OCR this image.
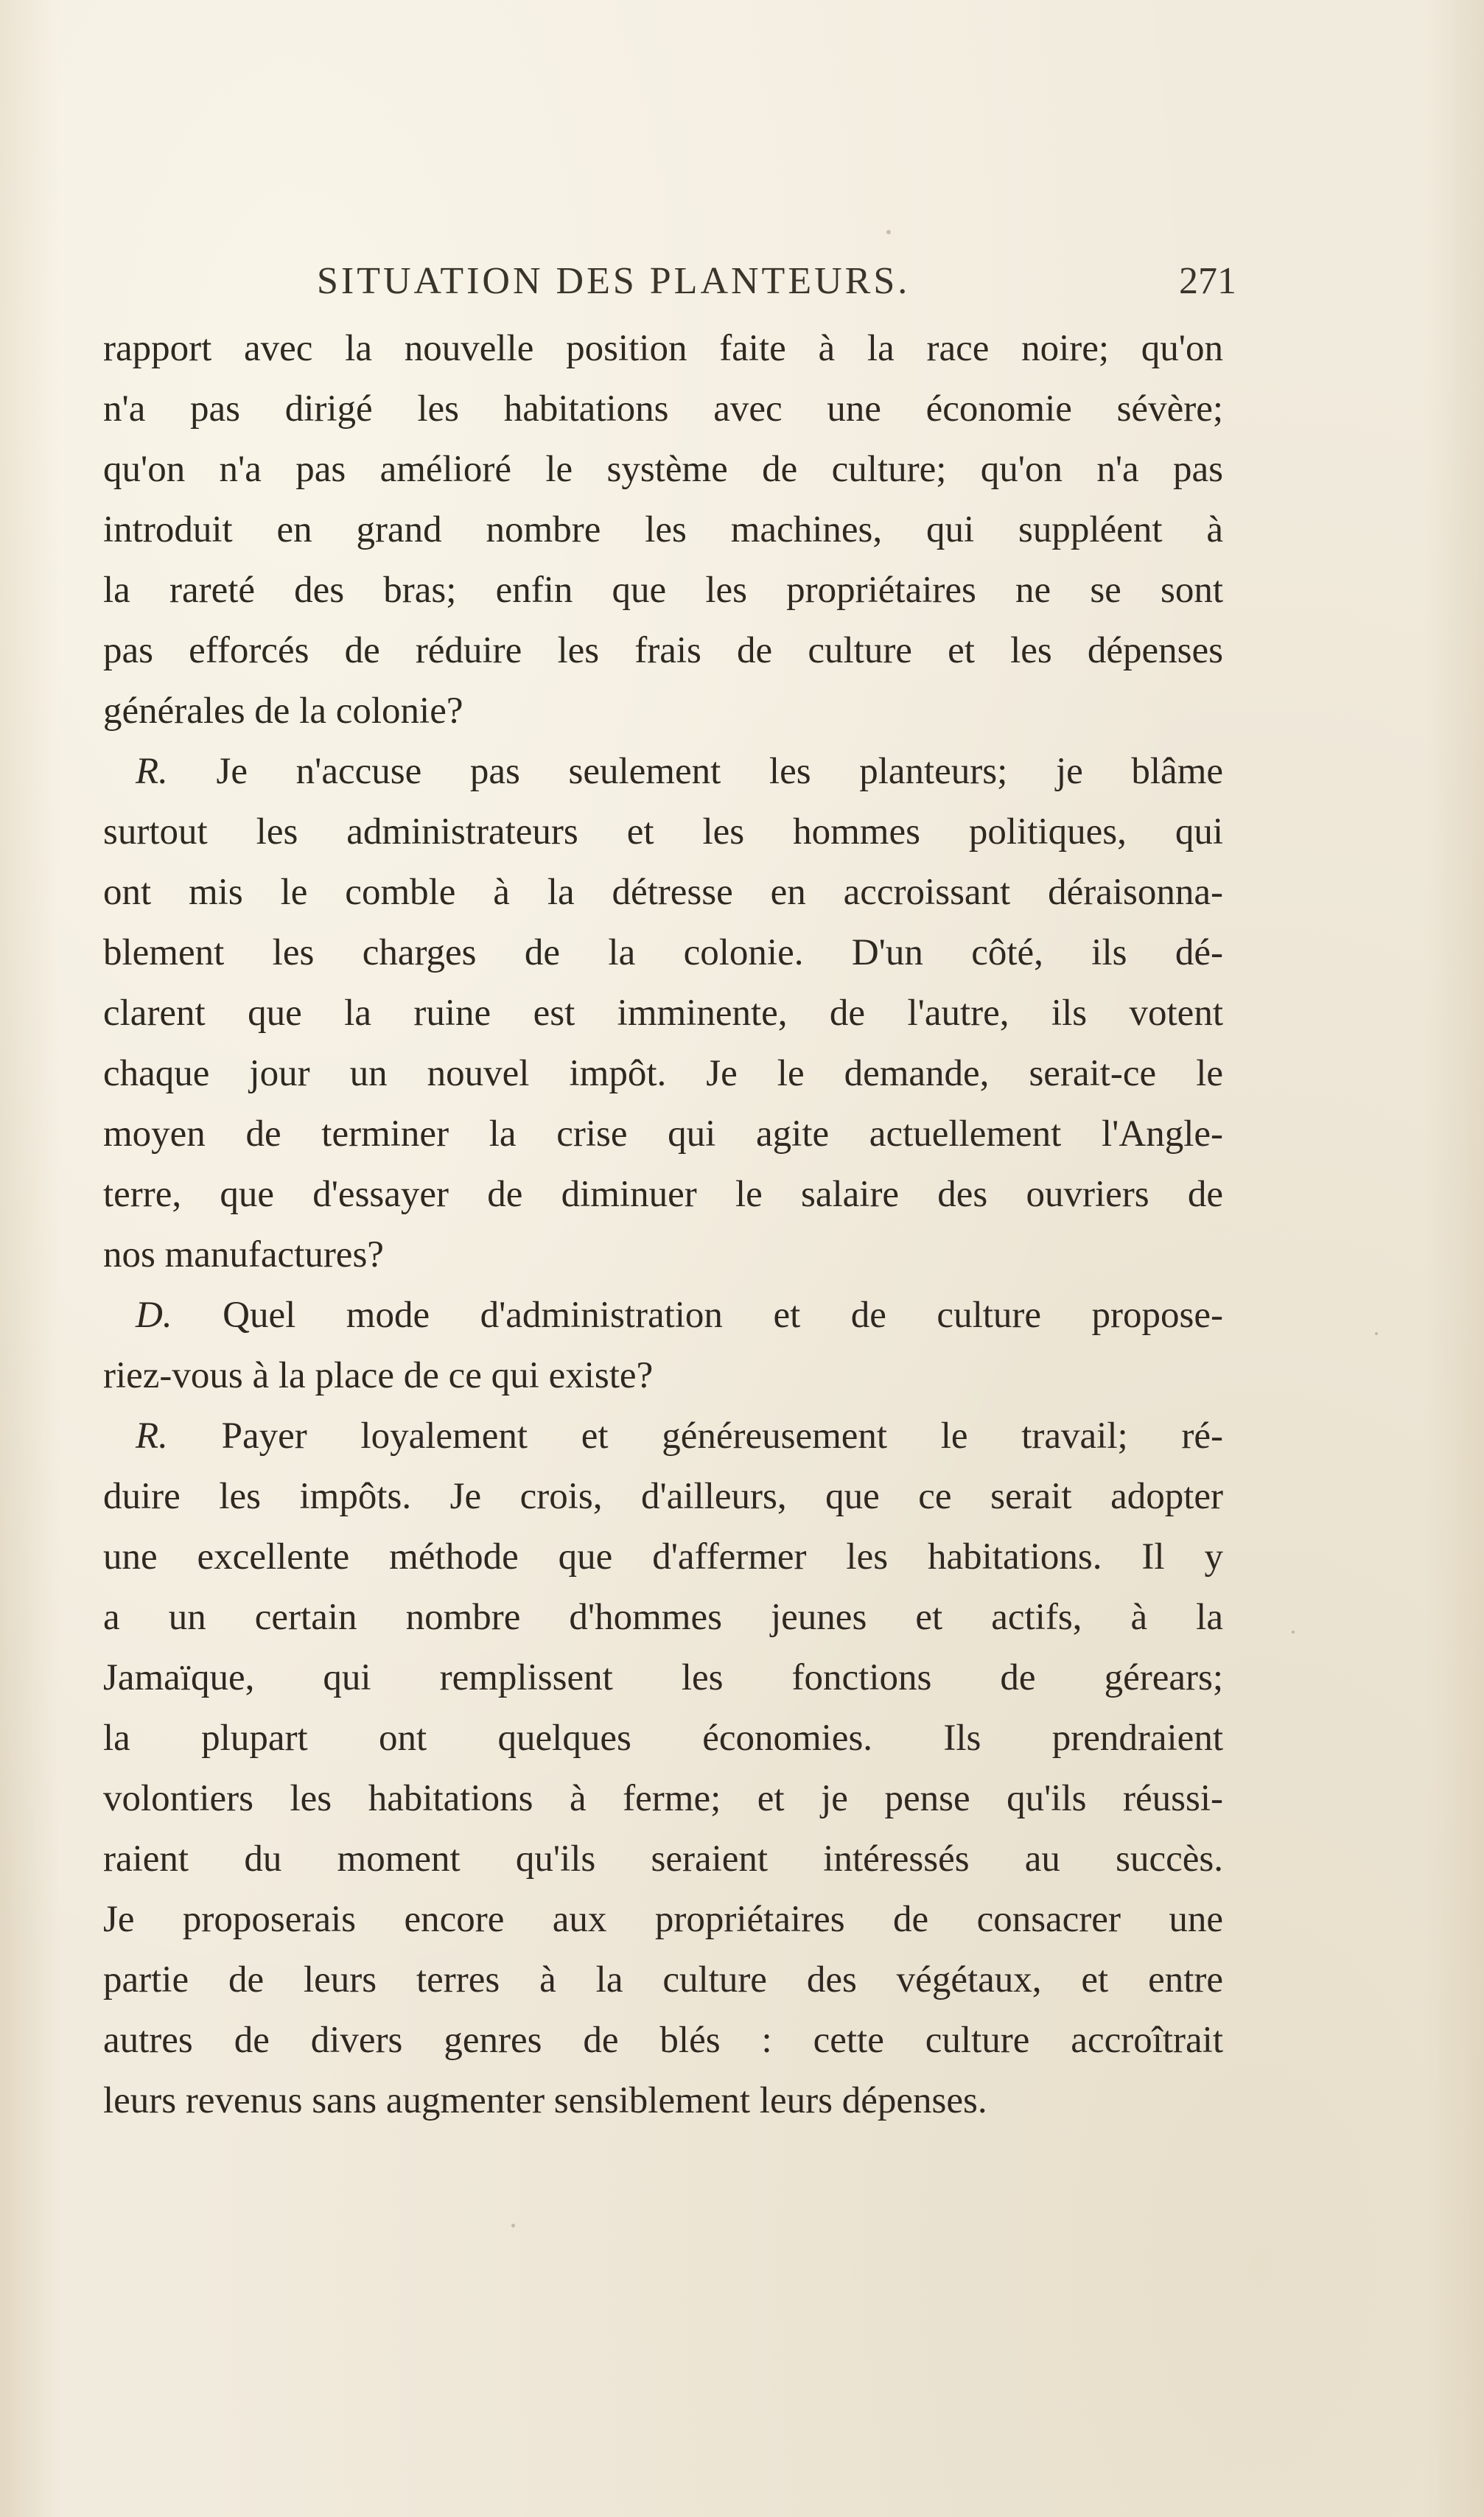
SITUATION DES PLANTEURS.	271
rapport avec la nouvelle position faite à la race noire; qu'on
n'a pas dirigé les habitations avec une économie sévère;
qu'on n'a pas amélioré le système de culture; qu'on n'a pas
introduit en grand nombre les machines, qui suppléent à
la rareté des bras; enfin que les propriétaires ne se sont
pas efforcés de réduire les frais de culture et les dépenses
générales de la colonie?
R. Je n'accuse pas seulement les planteurs; je blâme
surtout les administrateurs et les hommes politiques, qui
ont mis le comble à la détresse en accroissant déraisonna-
blement les charges de la colonie. D'un côté, ils dé-
clarent que la ruine est imminente, de l'autre, ils votent
chaque jour un nouvel impôt. Je le demande, serait-ce le
moyen de terminer la crise qui agite actuellement l'Angle-
terre, que d'essayer de diminuer le salaire des ouvriers de
nos manufactures?
D. Quel mode d'administration et de culture propose-
riez-vous à la place de ce qui existe?
R. Payer loyalement et généreusement le travail; ré-
duire les impôts. Je crois, d'ailleurs, que ce serait adopter
une excellente méthode que d'affermer les habitations. Il y
a un certain nombre d'hommes jeunes et actifs, à la
Jamaïque, qui remplissent les fonctions de gérears;
la plupart ont quelques économies. Ils prendraient
volontiers les habitations à ferme; et je pense qu'ils réussi-
raient du moment qu'ils seraient intéressés au succès.
Je proposerais encore aux propriétaires de consacrer une
partie de leurs terres à la culture des végétaux, et entre
autres de divers genres de blés : cette culture accroîtrait
leurs revenus sans augmenter sensiblement leurs dépenses.
